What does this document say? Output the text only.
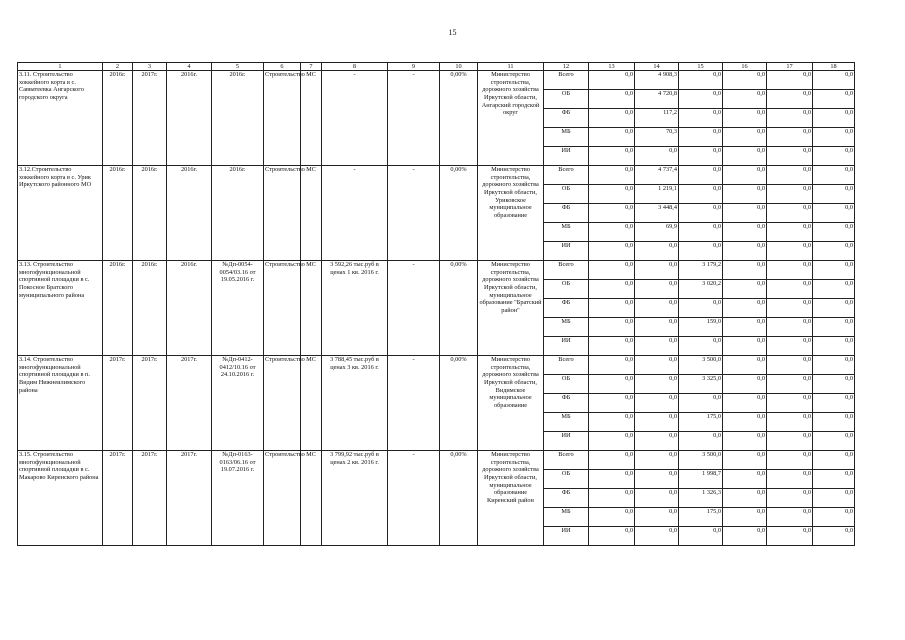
15
1	2	3	4	5	6	7	8	9	10	11	12	13	14	15	16	17	18
3.11. Строительство хоккейного корта в с. Савватеевка Ангарского городского округа	2016г.	2017г.	2016г.	2016г.	Строительство	МС	-	-	0,00%	Министерство строительства, дорожного хозяйства Иркутской области, Ангарский городской округ	Всего	0,0	4 908,3	0,0	0,0	0,0	0,0
											ОБ	0,0	4 720,8	0,0	0,0	0,0	0,0
											ФБ	0,0	117,2	0,0	0,0	0,0	0,0
											МБ	0,0	70,3	0,0	0,0	0,0	0,0
											ИИ	0,0	0,0	0,0	0,0	0,0	0,0
3.12.Строительство хоккейного корта в с. Урик Иркутского районного МО	2016г.	2016г.	2016г.	2016г.	Строительство	МС	-	-	0,00%	Министерство строительства, дорожного хозяйства Иркутской области, Уриковское муниципальное образование	Всего	0,0	4 737,4	0,0	0,0	0,0	0,0
											ОБ	0,0	1 219,1	0,0	0,0	0,0	0,0
											ФБ	0,0	3 448,4	0,0	0,0	0,0	0,0
											МБ	0,0	69,9	0,0	0,0	0,0	0,0
											ИИ	0,0	0,0	0,0	0,0	0,0	0,0
3.13. Строительство многофункциональной спортивной площадки в с. Покосное Братского муниципального района	2016г.	2016г.	2016г.	№Дп-0054-0054/03.16 от 19.05.2016 г.	Строительство	МС	3 592,26 тыс.руб в ценах 1 кв. 2016 г.	-	0,00%	Министерство строительства, дорожного хозяйства Иркутской области, муниципальное образование "Братский район"	Всего	0,0	0,0	3 179,2	0,0	0,0	0,0
											ОБ	0,0	0,0	3 020,2	0,0	0,0	0,0
											ФБ	0,0	0,0	0,0	0,0	0,0	0,0
											МБ	0,0	0,0	159,0	0,0	0,0	0,0
											ИИ	0,0	0,0	0,0	0,0	0,0	0,0
3.14. Строительство многофункциональной спортивной площадки в п. Видим Нижнеилимского района	2017г.	2017г.	2017г.	№Дп-0412-0412/10.16 от 24.10.2016 г.	Строительство	МС	3 788,45 тыс.руб в ценах 3 кв. 2016 г.	-	0,00%	Министерство строительства, дорожного хозяйства Иркутской области, Видимское муниципальное образование	Всего	0,0	0,0	3 500,0	0,0	0,0	0,0
											ОБ	0,0	0,0	3 325,0	0,0	0,0	0,0
											ФБ	0,0	0,0	0,0	0,0	0,0	0,0
											МБ	0,0	0,0	175,0	0,0	0,0	0,0
											ИИ	0,0	0,0	0,0	0,0	0,0	0,0
3.15. Строительство многофункциональной спортивной площадки в с. Макарово Киренского района	2017г.	2017г.	2017г.	№Дп-0163-0163/06.16 от 19.07.2016 г.	Строительство	МС	3 799,92 тыс.руб в ценах 2 кв. 2016 г.	-	0,00%	Министерство строительства, дорожного хозяйства Иркутской области, муниципальное образование Киренский район	Всего	0,0	0,0	3 500,0	0,0	0,0	0,0
											ОБ	0,0	0,0	1 998,7	0,0	0,0	0,0
											ФБ	0,0	0,0	1 326,3	0,0	0,0	0,0
											МБ	0,0	0,0	175,0	0,0	0,0	0,0
											ИИ	0,0	0,0	0,0	0,0	0,0	0,0
